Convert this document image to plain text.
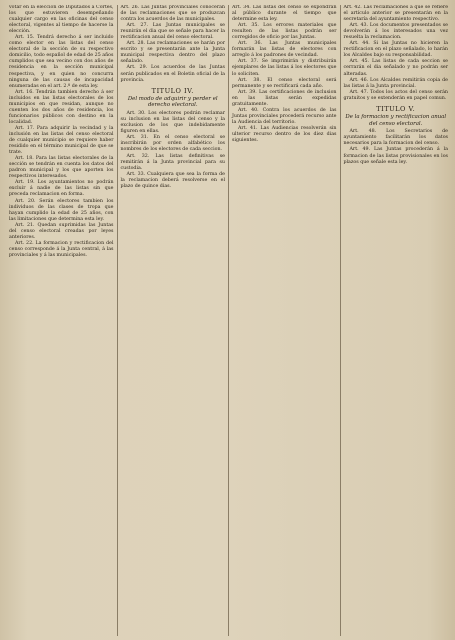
votar en la elección de Diputados á Córtes, los que estuvieren desempeñando cualquier cargo en las oficinas del censo electoral, vigentes al tiempo de hacerse la elección.

Art. 15. Tendrá derecho á ser incluido como elector en las listas del censo electoral de la sección de su respectivo domicilio, todo español de edad de 25 años cumplidos que sea vecino con dos años de residencia en la sección municipal respectiva, y en quien no concurra ninguna de las causas de incapacidad enumeradas en el art. 2.º de esta ley.

Art. 16. Tendrán tambien derecho á ser incluidos en las listas electorales de los municipios en que residan, aunque no cuenten los dos años de residencia, los funcionarios públicos con destino en la localidad.

Art. 17. Para adquirir la vecindad y la inclusión en las listas del censo electoral de cualquier municipio se requiere haber residido en el término municipal de que se trate.

Art. 18. Para las listas electorales de la sección se tendrán en cuenta los datos del padron municipal y los que aporten los respectivos interesados.

Art. 19. Los ayuntamientos no podrán excluir á nadie de las listas sin que preceda reclamacion en forma.

Art. 20. Serán electores tambien los individuos de las clases de tropa que hayan cumplido la edad de 25 años, con las limitaciones que determina esta ley.

Art. 21. Quedan suprimidas las Juntas del censo electoral creadas por leyes anteriores.

Art. 22. La formacion y rectificacion del censo corresponde á la Junta central, á las provinciales y á las municipales.

Art. 26. Las Juntas provinciales conocerán de las reclamaciones que se produzcan contra los acuerdos de las municipales.

Art. 27. Las Juntas municipales se reunirán el dia que se señale para hacer la rectificacion anual del censo electoral.

Art. 28. Las reclamaciones se harán por escrito y se presentarán ante la Junta municipal respectiva dentro del plazo señalado.

Art. 29. Los acuerdos de las Juntas serán publicados en el Boletin oficial de la provincia.

TITULO IV.

Del modo de adquirir y perder el derecho electoral.

Art. 30. Los electores podrán reclamar su inclusion en las listas del censo y la exclusion de los que indebidamente figuren en ellas.

Art. 31. En el censo electoral se inscribirán por orden alfabético los nombres de los electores de cada seccion.

Art. 32. Las listas definitivas se remitirán á la Junta provincial para su custodia.

Art. 33. Cualquiera que sea la forma de la reclamacion deberá resolverse en el plazo de quince dias.

Art. 34. Las listas del censo se expondrán al público durante el tiempo que determine esta ley.

Art. 35. Los errores materiales que resulten de las listas podrán ser corregidos de oficio por las Juntas.

Art. 36. Las Juntas municipales formarán las listas de electores con arreglo á los padrones de vecindad.

Art. 37. Se imprimirán y distribuirán ejemplares de las listas á los electores que lo soliciten.

Art. 38. El censo electoral será permanente y se rectificará cada año.

Art. 39. Las certificaciones de inclusion en las listas serán expedidas gratuitamente.

Art. 40. Contra los acuerdos de las Juntas provinciales procederá recurso ante la Audiencia del territorio.

Art. 41. Las Audiencias resolverán sin ulterior recurso dentro de los diez dias siguientes.

Art. 42. Las reclamaciones á que se refiere el artículo anterior se presentarán en la secretaría del ayuntamiento respectivo.

Art. 43. Los documentos presentados se devolverán á los interesados una vez resuelta la reclamacion.

Art. 44. Si las Juntas no hicieren la rectificacion en el plazo señalado, lo harán los Alcaldes bajo su responsabilidad.

Art. 45. Las listas de cada seccion se cerrarán el dia señalado y no podrán ser alteradas.

Art. 46. Los Alcaldes remitirán copia de las listas á la Junta provincial.

Art. 47. Todos los actos del censo serán gratuitos y se extenderán en papel comun.

TITULO V.

De la formacion y rectificacion anual del censo electoral.

Art. 48. Los Secretarios de ayuntamiento facilitarán los datos necesarios para la formacion del censo.

Art. 49. Las Juntas procederán á la formacion de las listas provisionales en los plazos que señale esta ley.
